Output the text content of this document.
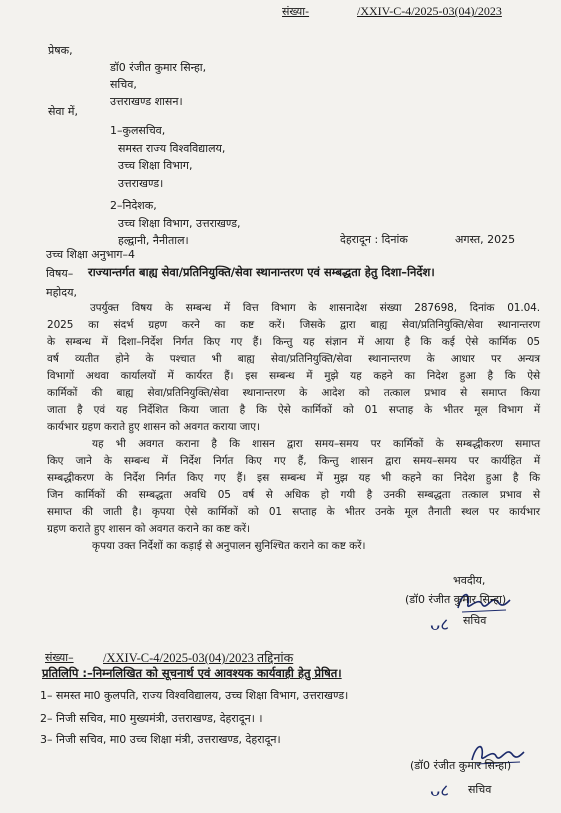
संख्या-	/XXIV-C-4/2025-03(04)/2023
प्रेषक,
डॉ0 रंजीत कुमार सिन्हा,
सचिव,
उत्तराखण्ड शासन।
सेवा में,
1–कुलसचिव,
समस्त राज्य विश्वविद्यालय,
उच्च शिक्षा विभाग,
उत्तराखण्ड।
2–निदेशक,
उच्च शिक्षा विभाग, उत्तराखण्ड,
हल्द्वानी, नैनीताल।
उच्च शिक्षा अनुभाग–4
देहरादून : दिनांक	अगस्त, 2025
विषय– राज्यान्तर्गत बाह्य सेवा/प्रतिनियुक्ति/सेवा स्थानान्तरण एवं सम्बद्धता हेतु दिशा–निर्देश।
महोदय,
उपर्युक्त विषय के सम्बन्ध में वित्त विभाग के शासनादेश संख्या 287698, दिनांक 01.04.
2025 का संदर्भ ग्रहण करने का कष्ट करें। जिसके द्वारा बाह्य सेवा/प्रतिनियुक्ति/सेवा स्थानान्तरण
के सम्बन्ध में दिशा–निर्देश निर्गत किए गए हैं। किन्तु यह संज्ञान में आया है कि कई ऐसे कार्मिक 05
वर्ष व्यतीत होने के पश्चात भी बाह्य सेवा/प्रतिनियुक्ति/सेवा स्थानान्तरण के आधार पर अन्यत्र
विभागों अथवा कार्यालयों में कार्यरत हैं। इस सम्बन्ध में मुझे यह कहने का निदेश हुआ है कि ऐसे
कार्मिकों की बाह्य सेवा/प्रतिनियुक्ति/सेवा स्थानान्तरण के आदेश को तत्काल प्रभाव से समाप्त किया
जाता है एवं यह निर्देशित किया जाता है कि ऐसे कार्मिकों को 01 सप्ताह के भीतर मूल विभाग में
कार्यभार ग्रहण कराते हुए शासन को अवगत कराया जाए।
यह भी अवगत कराना है कि शासन द्वारा समय–समय पर कार्मिकों के सम्बद्धीकरण समाप्त
किए जाने के सम्बन्ध में निर्देश निर्गत किए गए हैं, किन्तु शासन द्वारा समय–समय पर कार्यहित में
सम्बद्धीकरण के निर्देश निर्गत किए गए हैं। इस सम्बन्ध में मुझ यह भी कहने का निदेश हुआ है कि
जिन कार्मिकों की सम्बद्धता अवधि 05 वर्ष से अधिक हो गयी है उनकी सम्बद्धता तत्काल प्रभाव से
समाप्त की जाती है। कृपया ऐसे कार्मिकों को 01 सप्ताह के भीतर उनके मूल तैनाती स्थल पर कार्यभार
ग्रहण कराते हुए शासन को अवगत कराने का कष्ट करें।
कृपया उक्त निर्देशों का कड़ाई से अनुपालन सुनिश्चित कराने का कष्ट करें।
भवदीय,
(डॉ0 रंजीत कुमार सिन्हा)
ᴗ८ सचिव
संख्या– /XXIV-C-4/2025-03(04)/2023 तद्दिनांक
प्रतिलिपि :–निम्नलिखित को सूचनार्थ एवं आवश्यक कार्यवाही हेतु प्रेषित।
1– समस्त मा0 कुलपति, राज्य विश्वविद्यालय, उच्च शिक्षा विभाग, उत्तराखण्ड।
2– निजी सचिव, मा0 मुख्यमंत्री, उत्तराखण्ड, देहरादून। ।
3– निजी सचिव, मा0 उच्च शिक्षा मंत्री, उत्तराखण्ड, देहरादून।
(डॉ0 रंजीत कुमार सिन्हा)
ᴗ८ सचिव
